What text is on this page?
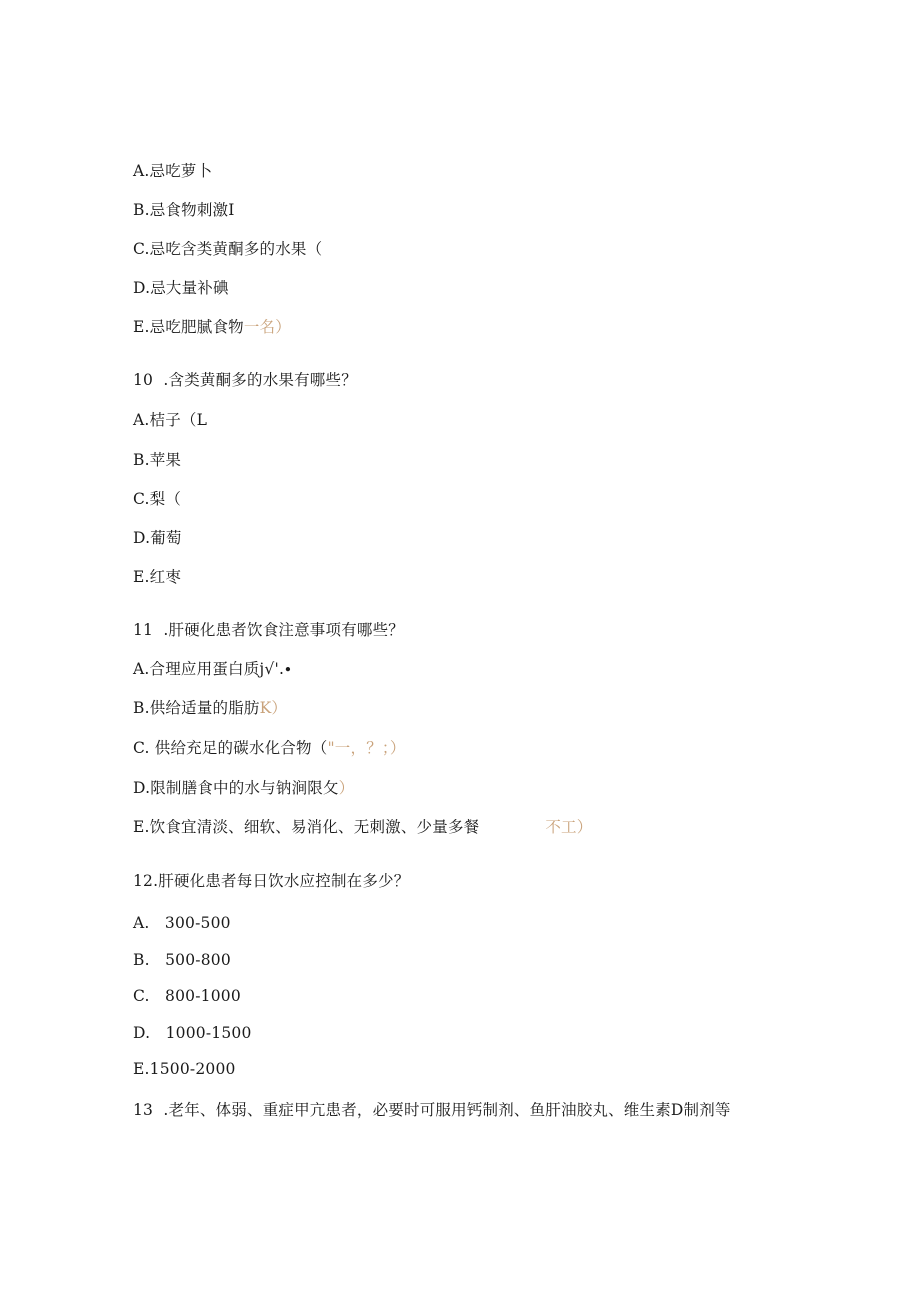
A.忌吃萝卜
B.忌食物刺激I
C.忌吃含类黄酮多的水果（
D.忌大量补碘
E.忌吃肥腻食物一名）
10  .含类黄酮多的水果有哪些？
A.桔子（L
B.苹果
C.梨（
D.葡萄
E.红枣
11  .肝硬化患者饮食注意事项有哪些？
A.合理应用蛋白质j√'.∙
B.供给适量的脂肪K）
C. 供给充足的碳水化合物（"一，？；）
D.限制膳食中的水与钠涧限攵）
E.饮食宜清淡、细软、易消化、无刺激、少量多餐	不工）
12.肝硬化患者每日饮水应控制在多少？
A.   300-500
B.   500-800
C.   800-1000
D.   1000-1500
E.1500-2000
13  .老年、体弱、重症甲亢患者，必要时可服用钙制剂、鱼肝油胶丸、维生素D制剂等
